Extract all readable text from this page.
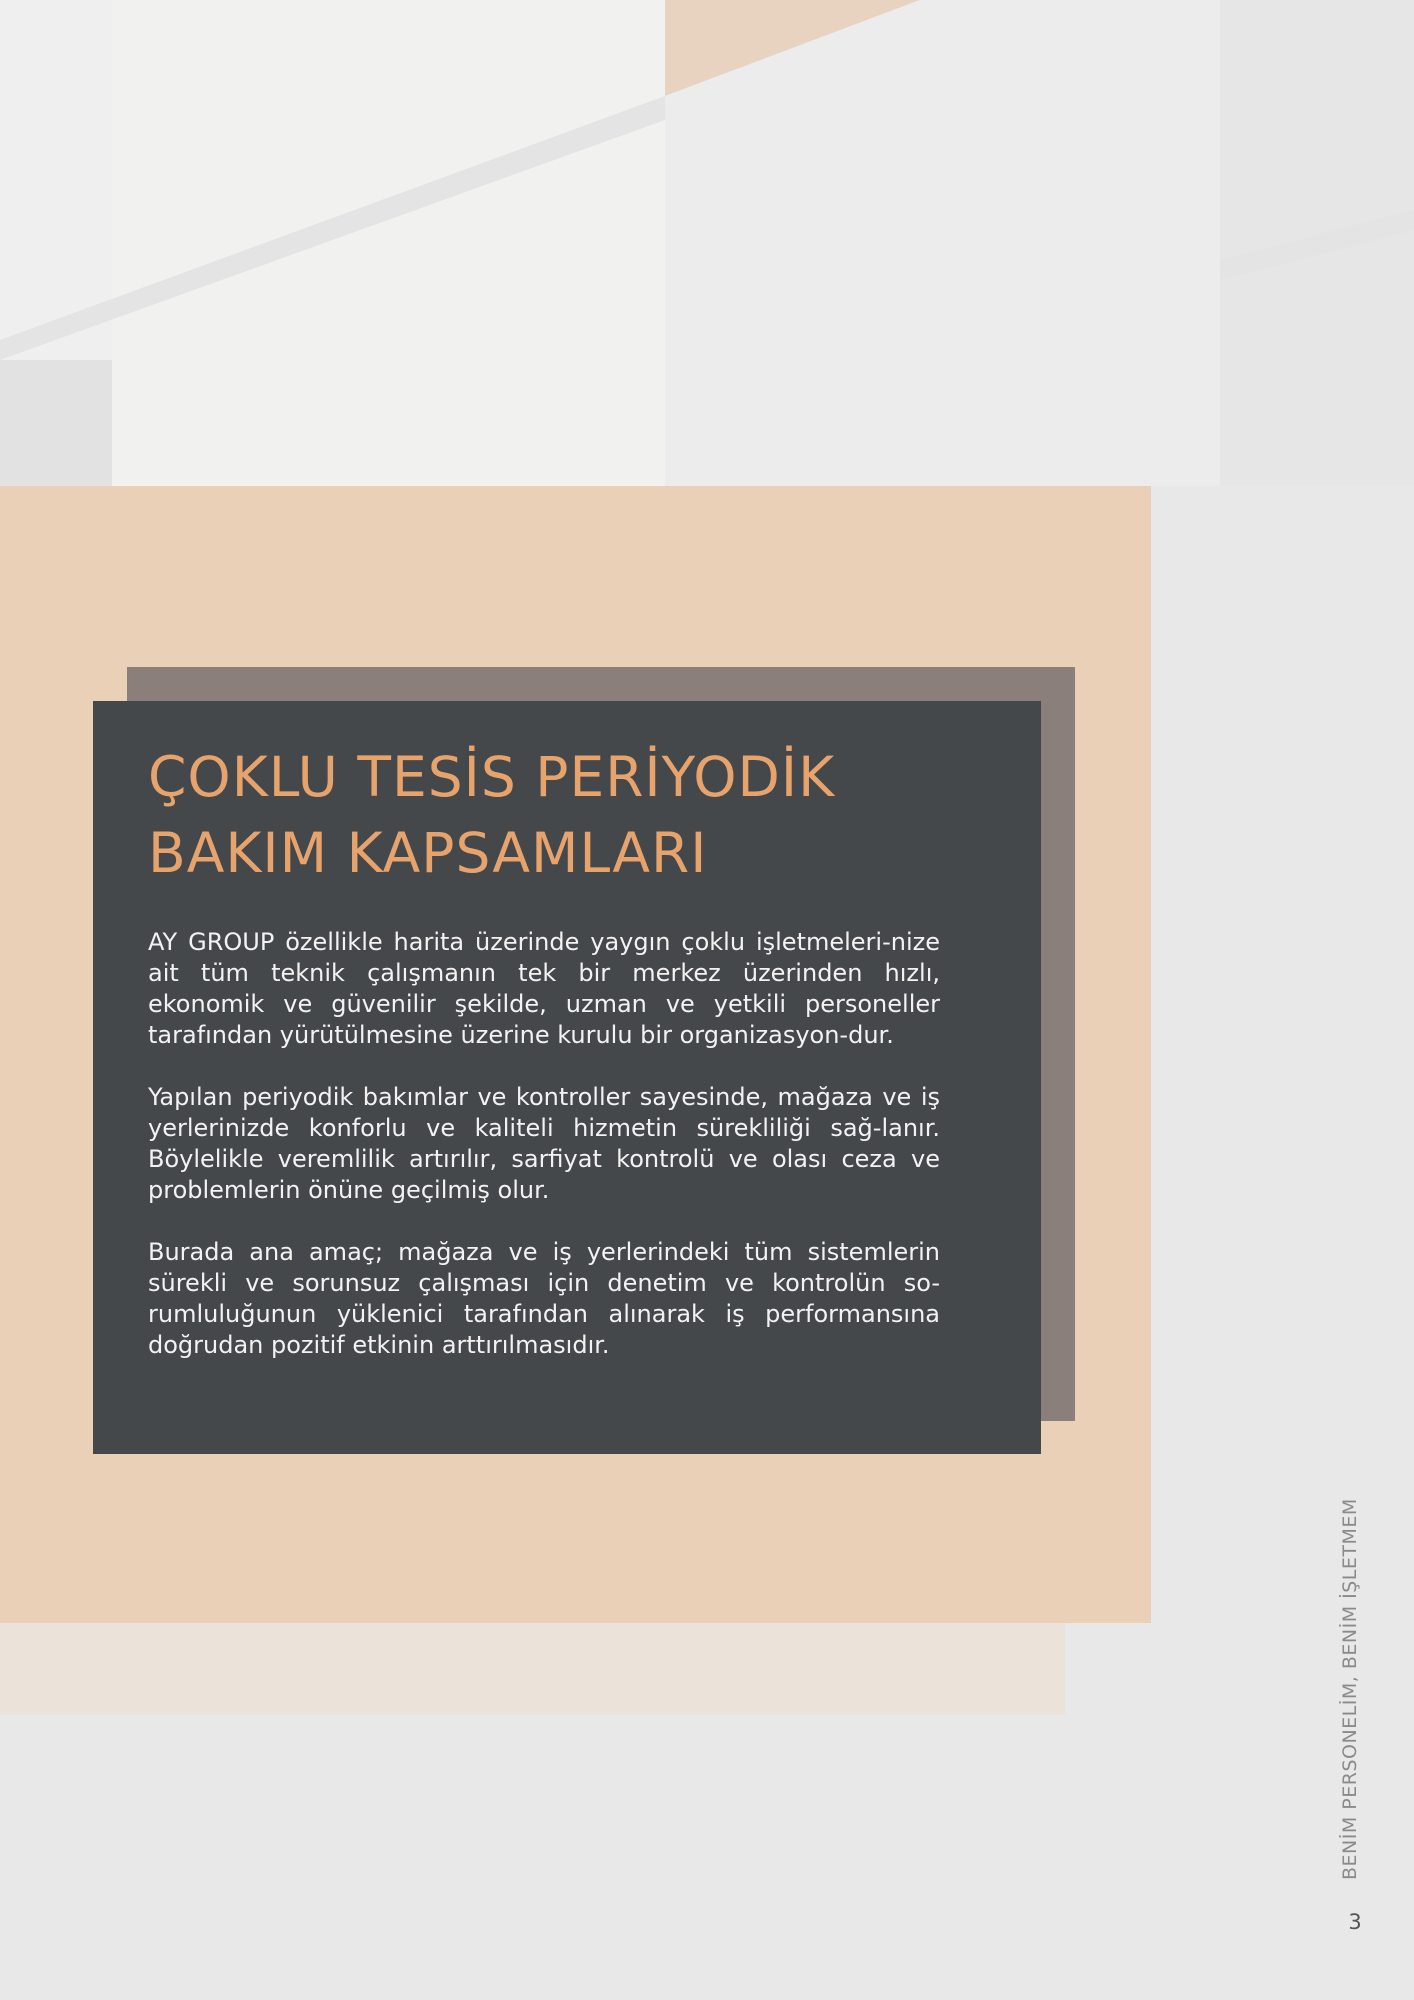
ÇOKLU TESİS PERİYODİK
BAKIM KAPSAMLARI

AY GROUP özellikle harita üzerinde yaygın çoklu işletmeleri-nize ait tüm teknik çalışmanın tek bir merkez üzerinden hızlı, ekonomik ve güvenilir şekilde, uzman ve yetkili personeller tarafından yürütülmesine üzerine kurulu bir organizasyon-dur.

Yapılan periyodik bakımlar ve kontroller sayesinde, mağaza ve iş yerlerinizde konforlu ve kaliteli hizmetin sürekliliği sağ-lanır. Böylelikle veremlilik artırılır, sarfiyat kontrolü ve olası ceza ve problemlerin önüne geçilmiş olur.

Burada ana amaç; mağaza ve iş yerlerindeki tüm sistemlerin sürekli ve sorunsuz çalışması için denetim ve kontrolün so-rumluluğunun yüklenici tarafından alınarak iş performansına doğrudan pozitif etkinin arttırılmasıdır.

BENİM PERSONELİM, BENİM İŞLETMEM
3
